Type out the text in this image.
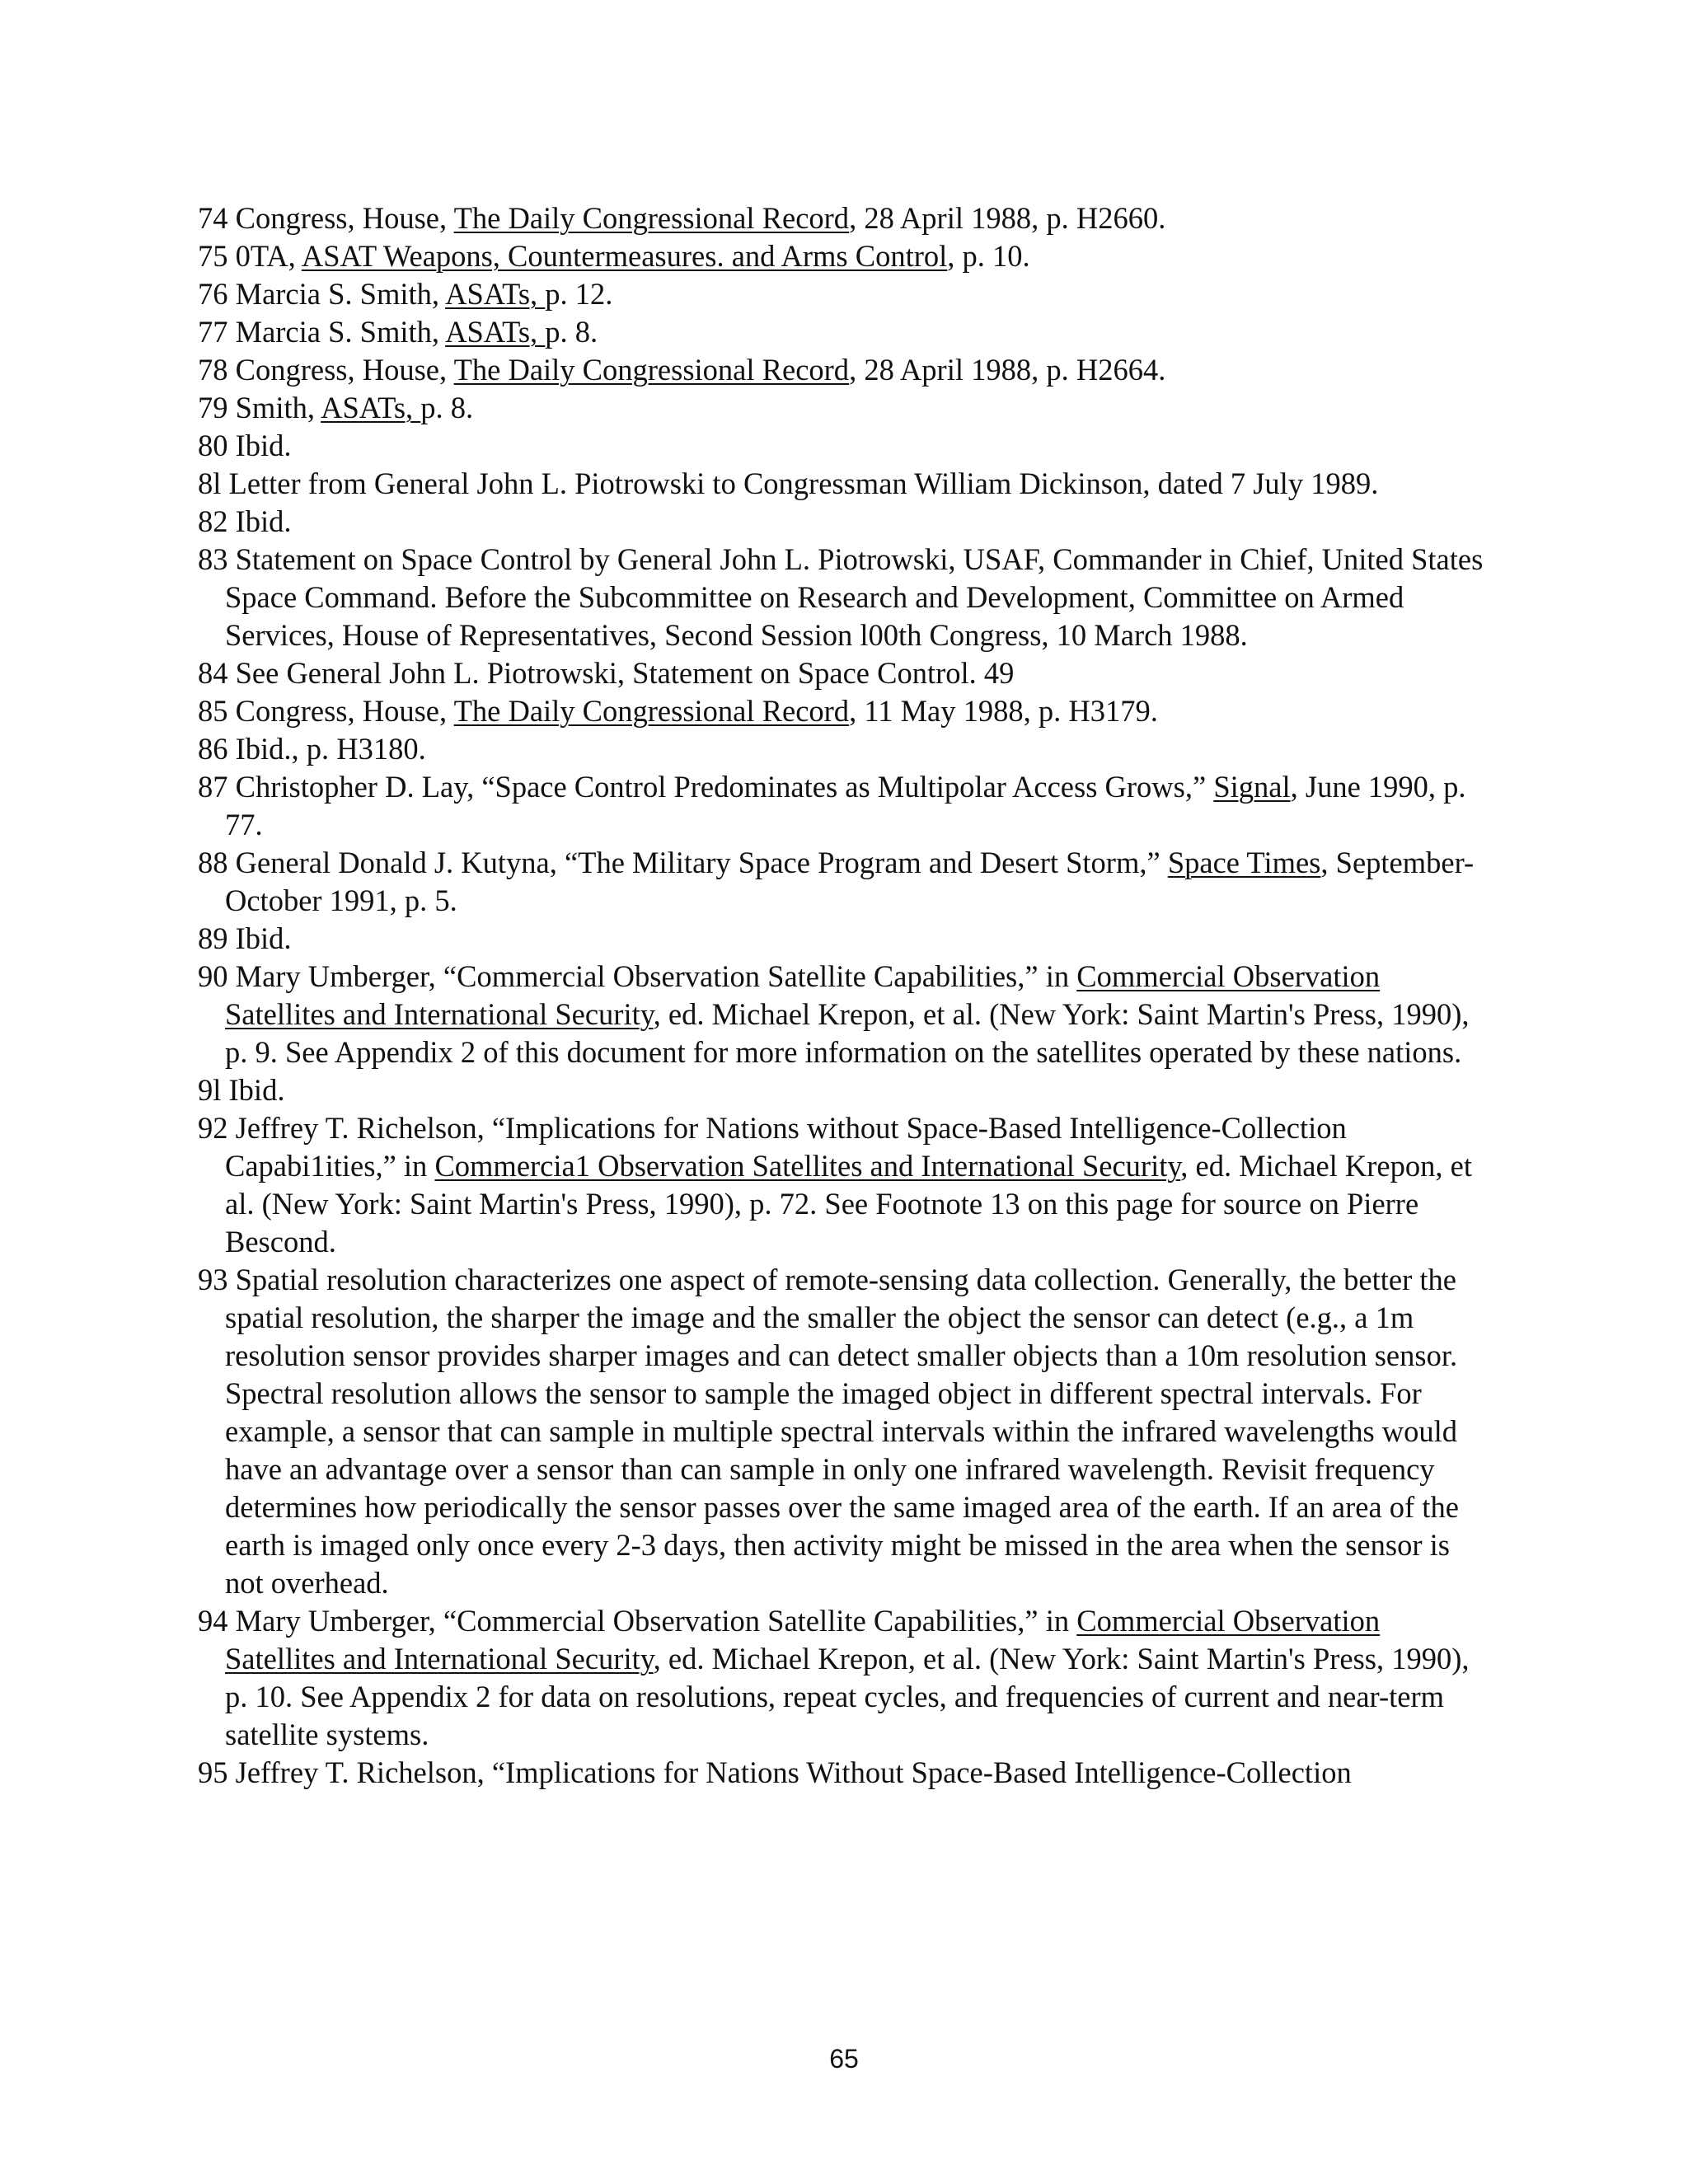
74 Congress, House, The Daily Congressional Record, 28 April 1988, p. H2660.

75 0TA, ASAT Weapons, Countermeasures. and Arms Control, p. 10.

76 Marcia S. Smith, ASATs, p. 12.

77 Marcia S. Smith, ASATs, p. 8.

78 Congress, House, The Daily Congressional Record, 28 April 1988, p. H2664.

79 Smith, ASATs, p. 8.

80 Ibid.

8l Letter from General John L. Piotrowski to Congressman William Dickinson, dated 7 July 1989.

82 Ibid.

83 Statement on Space Control by General John L. Piotrowski, USAF, Commander in Chief, United States Space Command. Before the Subcommittee on Research and Development, Committee on Armed Services, House of Representatives, Second Session l00th Congress, 10 March 1988.

84 See General John L. Piotrowski, Statement on Space Control. 49

85 Congress, House, The Daily Congressional Record, 11 May 1988, p. H3179.

86 Ibid., p. H3180.

87 Christopher D. Lay, “Space Control Predominates as Multipolar Access Grows,” Signal, June 1990, p. 77.

88 General Donald J. Kutyna, “The Military Space Program and Desert Storm,” Space Times, September-October 1991, p. 5.

89 Ibid.

90 Mary Umberger, “Commercial Observation Satellite Capabilities,” in Commercial Observation Satellites and International Security, ed. Michael Krepon, et al. (New York: Saint Martin's Press, 1990), p. 9. See Appendix 2 of this document for more information on the satellites operated by these nations.

9l Ibid.

92 Jeffrey T. Richelson, “Implications for Nations without Space-Based Intelligence-Collection Capabi1ities,” in Commercia1 Observation Satellites and International Security, ed. Michael Krepon, et al. (New York: Saint Martin's Press, 1990), p. 72. See Footnote 13 on this page for source on Pierre Bescond.

93 Spatial resolution characterizes one aspect of remote-sensing data collection. Generally, the better the spatial resolution, the sharper the image and the smaller the object the sensor can detect (e.g., a 1m resolution sensor provides sharper images and can detect smaller objects than a 10m resolution sensor. Spectral resolution allows the sensor to sample the imaged object in different spectral intervals. For example, a sensor that can sample in multiple spectral intervals within the infrared wavelengths would have an advantage over a sensor than can sample in only one infrared wavelength. Revisit frequency determines how periodically the sensor passes over the same imaged area of the earth. If an area of the earth is imaged only once every 2-3 days, then activity might be missed in the area when the sensor is not overhead.

94 Mary Umberger, “Commercial Observation Satellite Capabilities,” in Commercial Observation Satellites and International Security, ed. Michael Krepon, et al. (New York: Saint Martin's Press, 1990), p. 10. See Appendix 2 for data on resolutions, repeat cycles, and frequencies of current and near-term satellite systems.

95 Jeffrey T. Richelson, “Implications for Nations Without Space-Based Intelligence-Collection

65
